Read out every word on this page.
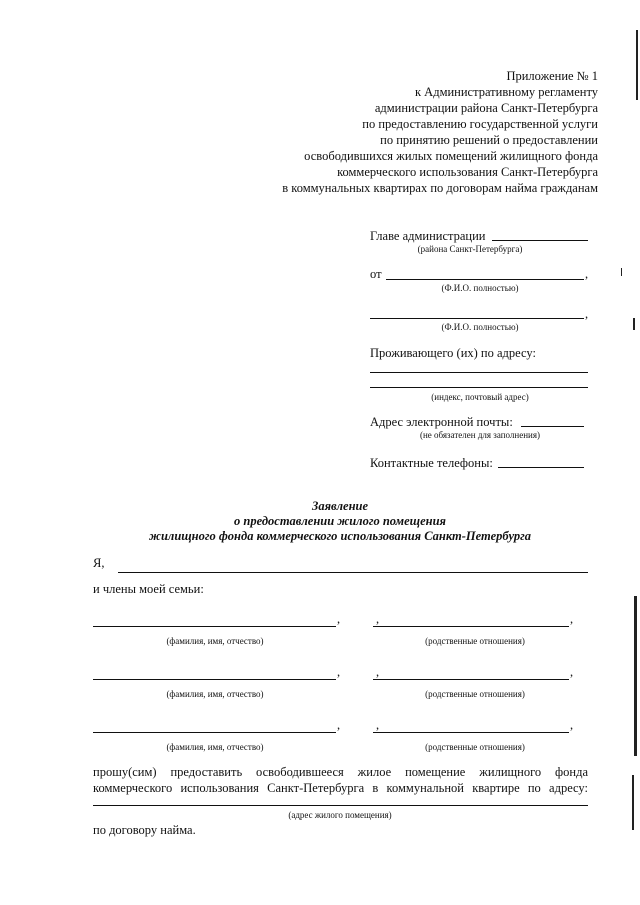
Приложение № 1
к Административному регламенту
администрации района Санкт-Петербурга
по предоставлению государственной услуги
по принятию решений о предоставлении
освободившихся жилых помещений жилищного фонда
коммерческого использования Санкт-Петербурга
в коммунальных квартирах по договорам найма гражданам
Главе администрации
(района Санкт-Петербурга)
от	,
(Ф.И.О. полностью)
,
(Ф.И.О. полностью)
Проживающего (их) по адресу:
(индекс, почтовый адрес)
Адрес электронной почты:
(не обязателен для заполнения)
Контактные телефоны:
Заявление
о предоставлении жилого помещения
жилищного фонда коммерческого использования Санкт-Петербурга
Я,
и члены моей семьи:
,	,	,
(фамилия, имя, отчество)	(родственные отношения)
,	,	,
(фамилия, имя, отчество)	(родственные отношения)
,	,	,
(фамилия, имя, отчество)	(родственные отношения)
прошу(сим) предоставить освободившееся жилое помещение жилищного фонда
коммерческого использования Санкт-Петербурга в коммунальной квартире по адресу:
(адрес жилого помещения)
по договору найма.
